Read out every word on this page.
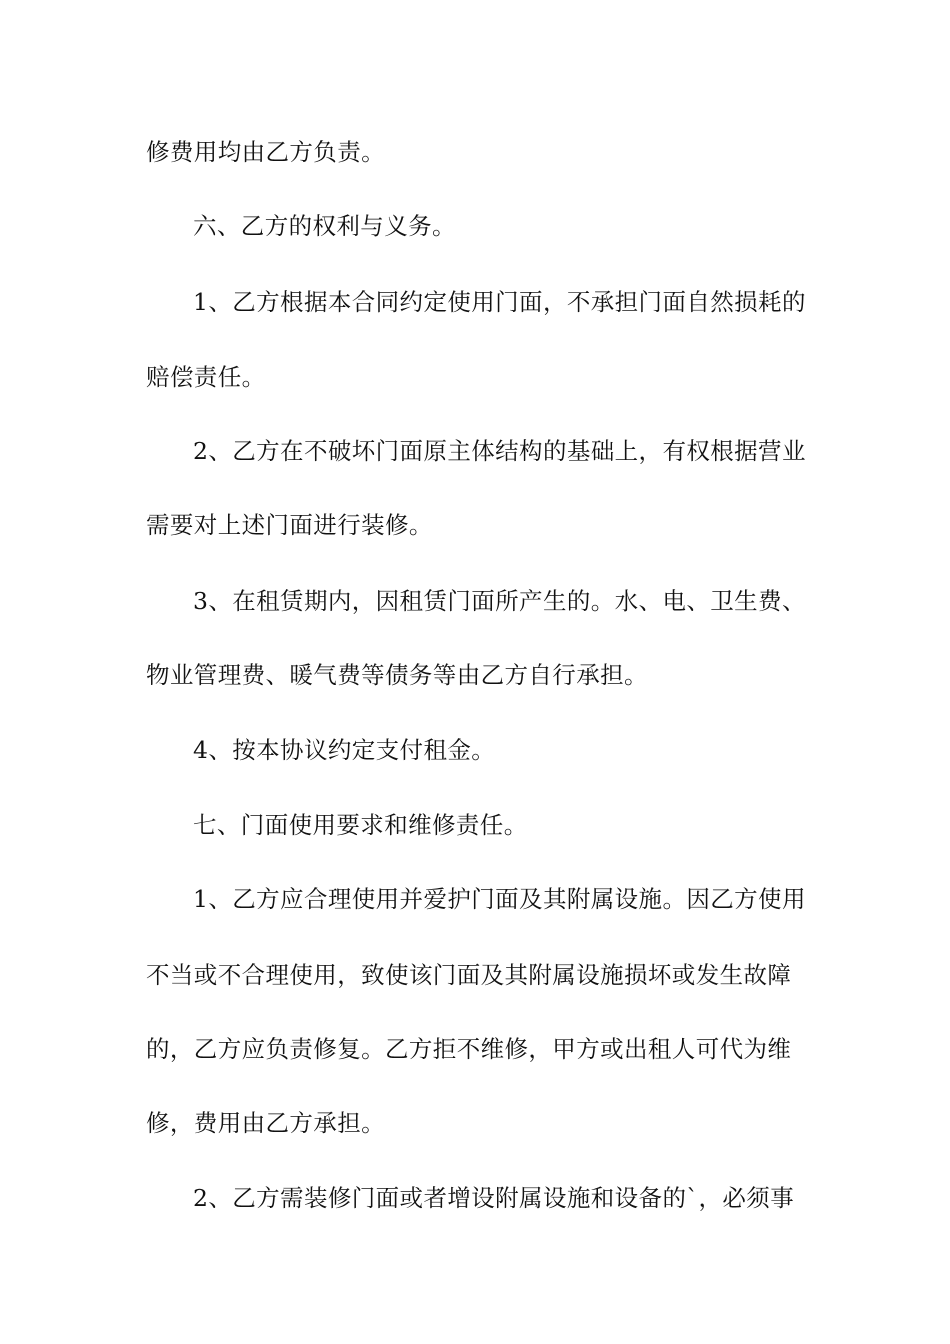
修费用均由乙方负责。
六、乙方的权利与义务。
1、乙方根据本合同约定使用门面，不承担门面自然损耗的
赔偿责任。
2、乙方在不破坏门面原主体结构的基础上，有权根据营业
需要对上述门面进行装修。
3、在租赁期内，因租赁门面所产生的。水、电、卫生费、
物业管理费、暖气费等债务等由乙方自行承担。
4、按本协议约定支付租金。
七、门面使用要求和维修责任。
1、乙方应合理使用并爱护门面及其附属设施。因乙方使用
不当或不合理使用，致使该门面及其附属设施损坏或发生故障
的，乙方应负责修复。乙方拒不维修，甲方或出租人可代为维
修，费用由乙方承担。
2、乙方需装修门面或者增设附属设施和设备的`，必须事
